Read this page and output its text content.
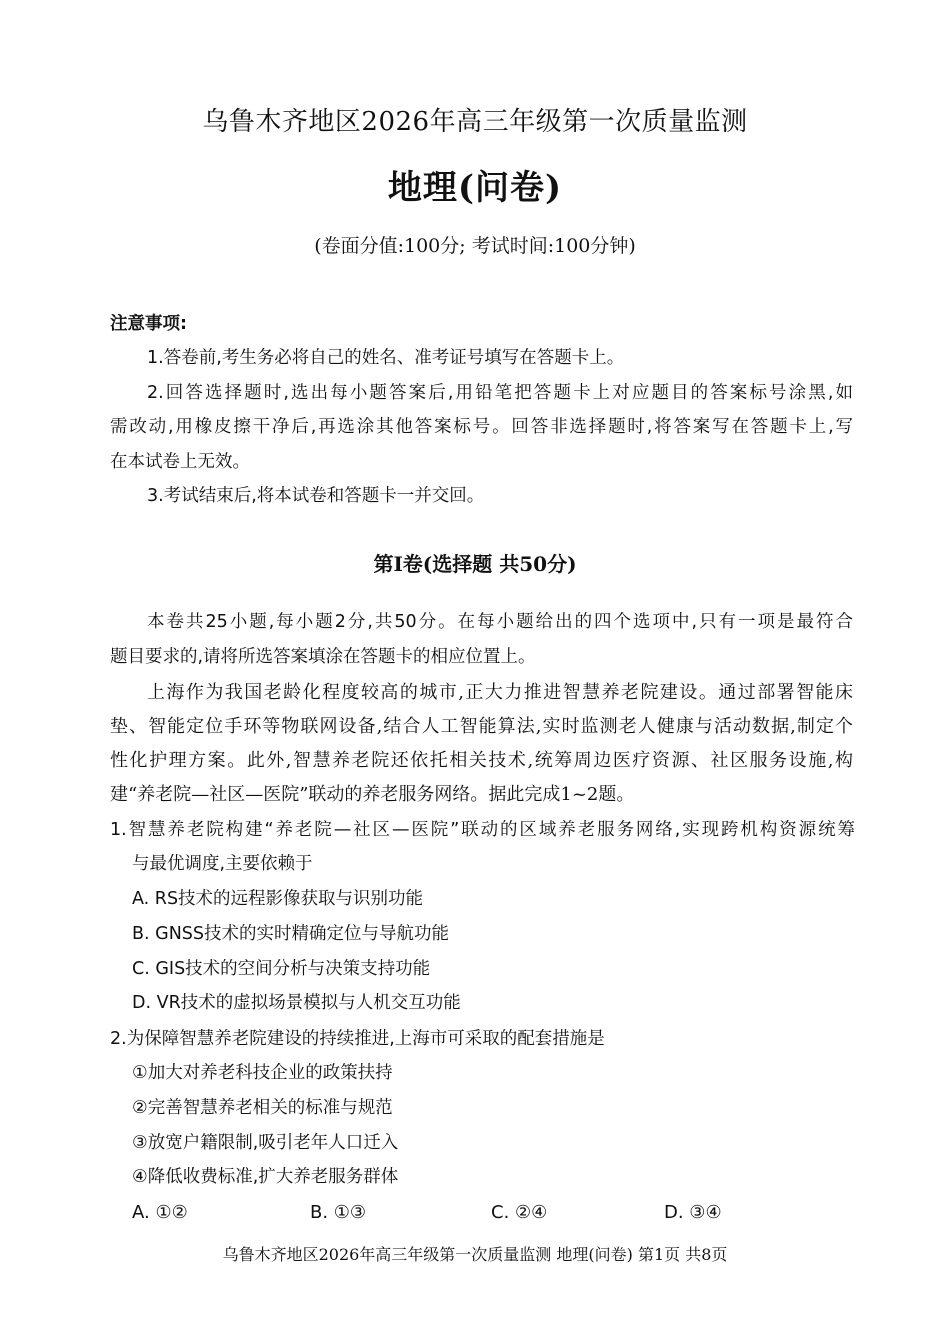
乌鲁木齐地区2026年高三年级第一次质量监测
地理(问卷)
(卷面分值:100分; 考试时间:100分钟)
注意事项:
1.答卷前,考生务必将自己的姓名、准考证号填写在答题卡上。
2.回答选择题时,选出每小题答案后,用铅笔把答题卡上对应题目的答案标号涂黑,如
需改动,用橡皮擦干净后,再选涂其他答案标号。回答非选择题时,将答案写在答题卡上,写
在本试卷上无效。
3.考试结束后,将本试卷和答题卡一并交回。
第Ⅰ卷(选择题 共50分)
本卷共25小题,每小题2分,共50分。在每小题给出的四个选项中,只有一项是最符合
题目要求的,请将所选答案填涂在答题卡的相应位置上。
上海作为我国老龄化程度较高的城市,正大力推进智慧养老院建设。通过部署智能床
垫、智能定位手环等物联网设备,结合人工智能算法,实时监测老人健康与活动数据,制定个
性化护理方案。此外,智慧养老院还依托相关技术,统筹周边医疗资源、社区服务设施,构
建“养老院—社区—医院”联动的养老服务网络。据此完成1~2题。
1.智慧养老院构建“养老院—社区—医院”联动的区域养老服务网络,实现跨机构资源统筹
与最优调度,主要依赖于
A. RS技术的远程影像获取与识别功能
B. GNSS技术的实时精确定位与导航功能
C. GIS技术的空间分析与决策支持功能
D. VR技术的虚拟场景模拟与人机交互功能
2.为保障智慧养老院建设的持续推进,上海市可采取的配套措施是
①加大对养老科技企业的政策扶持
②完善智慧养老相关的标准与规范
③放宽户籍限制,吸引老年人口迁入
④降低收费标准,扩大养老服务群体
A. ①②	B. ①③	C. ②④	D. ③④
乌鲁木齐地区2026年高三年级第一次质量监测 地理(问卷) 第1页 共8页
